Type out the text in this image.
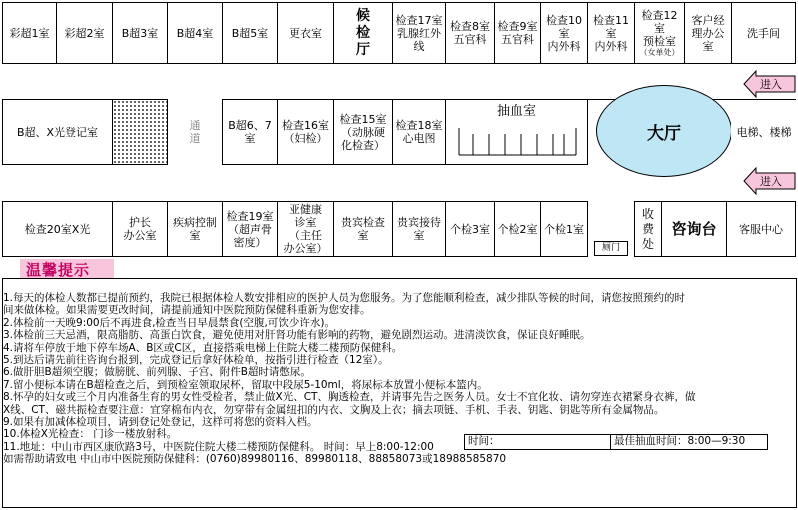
彩超1室	彩超2室	B超3室	B超4室	B超5室	更衣室
候
检
厅
检查17室
乳腺红外
线
检查8室
五官科
检查9室
五官科
检查10
室
内外科
检查11
室
内外科
检查12
室
预检室
（女单处）
客户经
理办公
室
洗手间
B超、X光登记室	通
道
B超6、7
室
检查16室
（妇检）
检查15室
（动脉硬
化检查）
检查18室
心电图
抽血室
大厅	电梯、楼梯
进入
进入
检查20室X光	护长
办公室
疾病控制
室
检查19室
（超声骨
密度）
亚健康
诊室
（主任
办公室）
贵宾检查
室
贵宾接待
室	个检3室 个检2室 个检1室
厕门
收
费
处
咨询台	客服中心
温馨提示
1.每天的体检人数都已提前预约，我院已根据体检人数安排相应的医护人员为您服务。为了您能顺利检查，减少排队等候的时间，请您按照预约的时
间来做体检。如果需要更改时间，请提前通知中医院预防保健科重新为您安排。
2.体检前一天晚9:00后不再进食,检查当日早晨禁食(空腹,可饮少许水)。
3.体检前三天忌酒，限高脂肪、高蛋白饮食，避免使用对肝肾功能有影响的药物，避免剧烈运动。进清淡饮食，保证良好睡眠。
4.请将车停放于地下停车场A、B区或C区，直接搭乘电梯上住院大楼二楼预防保健科。
5.到达后请先前往咨询台报到，完成登记后拿好体检单，按指引进行检查（12室）。
6.做肝胆B超须空腹；做膀胱、前列腺、子宫、附件B超时请憋尿。
7.留小便标本请在B超检查之后，到预检室领取尿杯，留取中段尿5-10ml，将尿标本放置小便标本篮内。
8.怀孕的妇女或三个月内准备生育的男女性受检者，禁止做X光、CT、胸透检查，并请事先告之医务人员。女士不宜化妆、请勿穿连衣裙紧身衣裤，做
X线、CT、磁共振检查要注意：宜穿棉布内衣，勿穿带有金属纽扣的内衣、文胸及上衣；摘去项链、手机、手表、钥匙、钥匙等所有金属物品。
9.如果有加减体检项目，请到登记处登记，这样可将您的资料入档。
10.体检X光检查： 门诊一楼放射科。
11.地址：中山市西区康欣路3号，中医院住院大楼二楼预防保健科。 时间：早上8:00-12:00
如需帮助请致电 中山市中医院预防保健科：(0760)89980116、89980118、88858073或18988585870
时间：	最佳抽血时间：8:00—9:30
